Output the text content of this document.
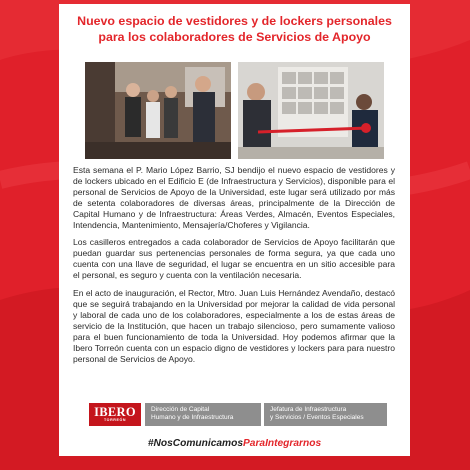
Nuevo espacio de vestidores y de lockers personales
para los colaboradores de Servicios de Apoyo

Esta semana el P. Mario López Barrio, SJ bendijo el nuevo espacio de vestidores y de lockers ubicado en el Edificio E (de Infraestructura y Servicios), disponible para el personal de Servicios de Apoyo de la Universidad, este lugar será utilizado por más de setenta colaboradores de diversas áreas, principalmente de la Dirección de Capital Humano y de Infraestructura: Áreas Verdes, Almacén, Eventos Especiales, Intendencia, Mantenimiento, Mensajería/Choferes y Vigilancia.

Los casilleros entregados a cada colaborador de Servicios de Apoyo facilitarán que puedan guardar sus pertenencias personales de forma segura, ya que cada uno cuenta con una llave de seguridad, el lugar se encuentra en un sitio accesible para el personal, es seguro y cuenta con la ventilación necesaria.

En el acto de inauguración, el Rector, Mtro. Juan Luis Hernández Avendaño, destacó que se seguirá trabajando en la Universidad por mejorar la calidad de vida personal y laboral de cada uno de los colaboradores, especialmente a los de estas áreas de servicio de la Institución, que hacen un trabajo silencioso, pero sumamente valioso para el buen funcionamiento de toda la Universidad. Hoy podemos afirmar que la Ibero Torreón cuenta con un espacio digno de vestidores y lockers para para nuestro personal de Servicios de Apoyo.

IBERO
TORREÓN
Dirección de Capital
Humano y de Infraestructura
Jefatura de Infraestructura
y Servicios / Eventos Especiales
#NosComunicamosParaIntegrarnos
